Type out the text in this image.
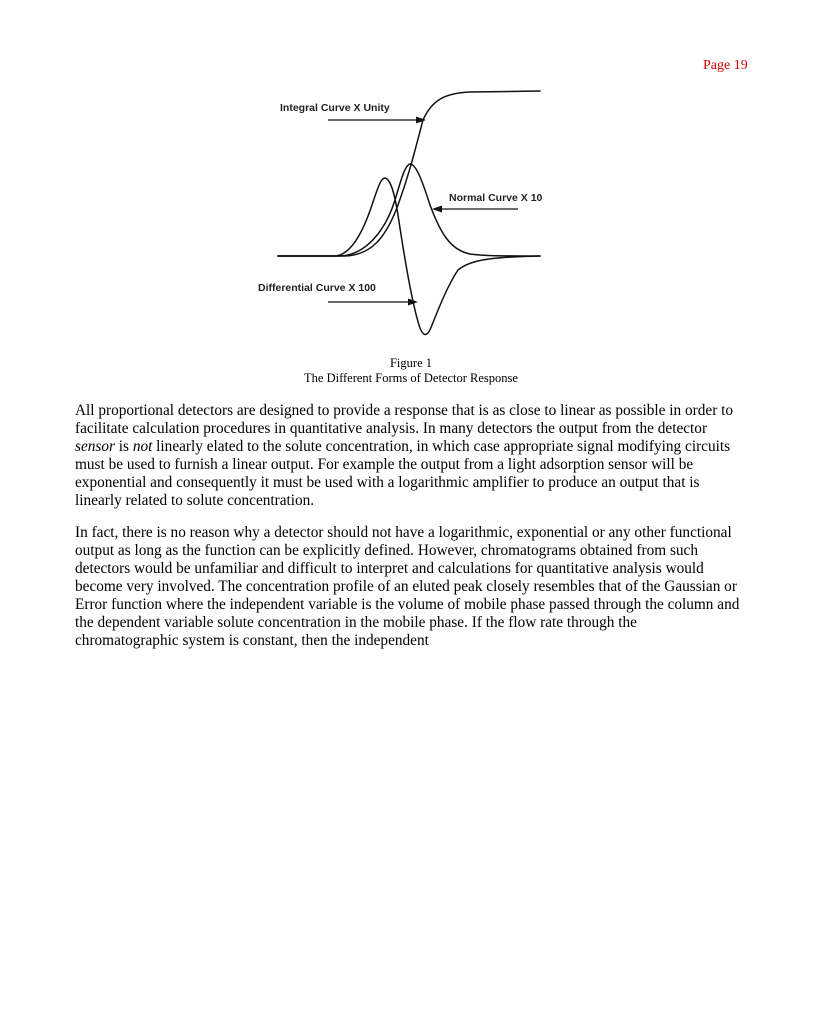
Page 19
Integral Curve X Unity
Normal Curve X 10
Differential Curve X 100
Figure 1
The Different Forms of Detector Response

All proportional detectors are designed to provide a response that is as close to linear as possible in order to facilitate calculation procedures in quantitative analysis. In many detectors the output from the detector sensor is not linearly elated to the solute concentration, in which case appropriate signal modifying circuits must be used to furnish a linear output. For example the output from a light adsorption sensor will be exponential and consequently it must be used with a logarithmic amplifier to produce an output that is linearly related to solute concentration.

In fact, there is no reason why a detector should not have a logarithmic, exponential or any other functional output as long as the function can be explicitly defined. However, chromatograms obtained from such detectors would be unfamiliar and difficult to interpret and calculations for quantitative analysis would become very involved. The concentration profile of an eluted peak closely resembles that of the Gaussian or Error function where the independent variable is the volume of mobile phase passed through the column and the dependent variable solute concentration in the mobile phase. If the flow rate through the chromatographic system is constant, then the independent
